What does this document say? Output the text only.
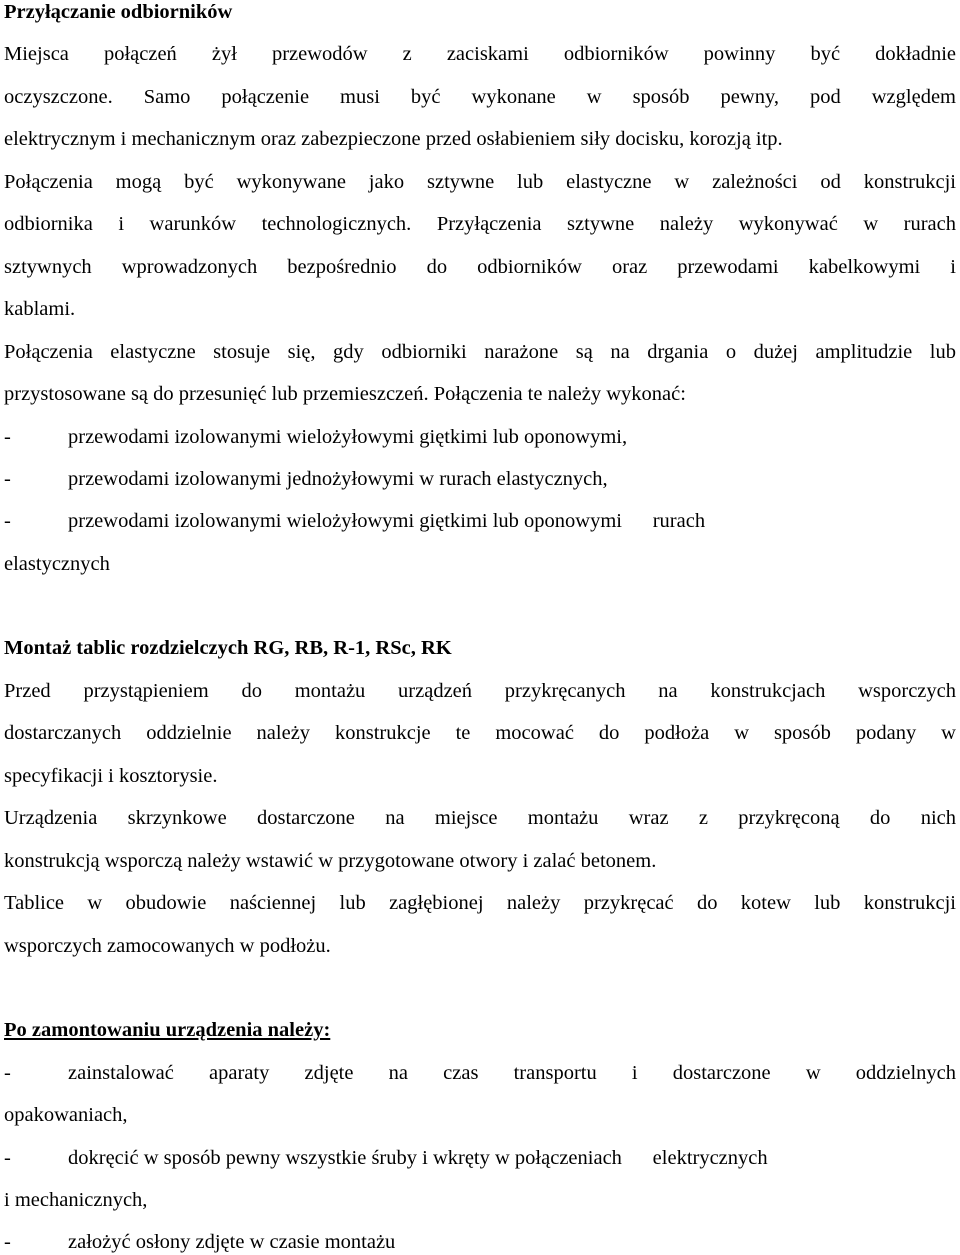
Przyłączanie odbiorników
Miejsca połączeń żył przewodów z zaciskami odbiorników powinny być dokładnie
oczyszczone. Samo połączenie musi być wykonane w sposób pewny, pod względem
elektrycznym i mechanicznym oraz zabezpieczone przed osłabieniem siły docisku, korozją itp.
Połączenia mogą być wykonywane jako sztywne lub elastyczne w zależności od konstrukcji
odbiornika i warunków technologicznych. Przyłączenia sztywne należy wykonywać w rurach
sztywnych wprowadzonych bezpośrednio do odbiorników oraz przewodami kabelkowymi i
kablami.
Połączenia elastyczne stosuje się, gdy odbiorniki narażone są na drgania o dużej amplitudzie lub
przystosowane są do przesunięć lub przemieszczeń. Połączenia te należy wykonać:
-	przewodami izolowanymi wielożyłowymi giętkimi lub oponowymi,
-	przewodami izolowanymi jednożyłowymi w rurach elastycznych,
-	przewodami izolowanymi wielożyłowymi giętkimi lub oponowymi      rurach
elastycznych
Montaż tablic rozdzielczych RG, RB, R-1, RSc, RK
Przed przystąpieniem do montażu urządzeń przykręcanych na konstrukcjach wsporczych
dostarczanych oddzielnie należy konstrukcje te mocować do podłoża w sposób podany w
specyfikacji i kosztorysie.
Urządzenia skrzynkowe dostarczone na miejsce montażu wraz z przykręconą do nich
konstrukcją wsporczą należy wstawić w przygotowane otwory i zalać betonem.
Tablice w obudowie naściennej lub zagłębionej należy przykręcać do kotew lub konstrukcji
wsporczych zamocowanych w podłożu.
Po zamontowaniu urządzenia należy:
-	zainstalować aparaty zdjęte na czas transportu i dostarczone w oddzielnych
opakowaniach,
-	dokręcić w sposób pewny wszystkie śruby i wkręty w połączeniach      elektrycznych
i mechanicznych,
-	założyć osłony zdjęte w czasie montażu
